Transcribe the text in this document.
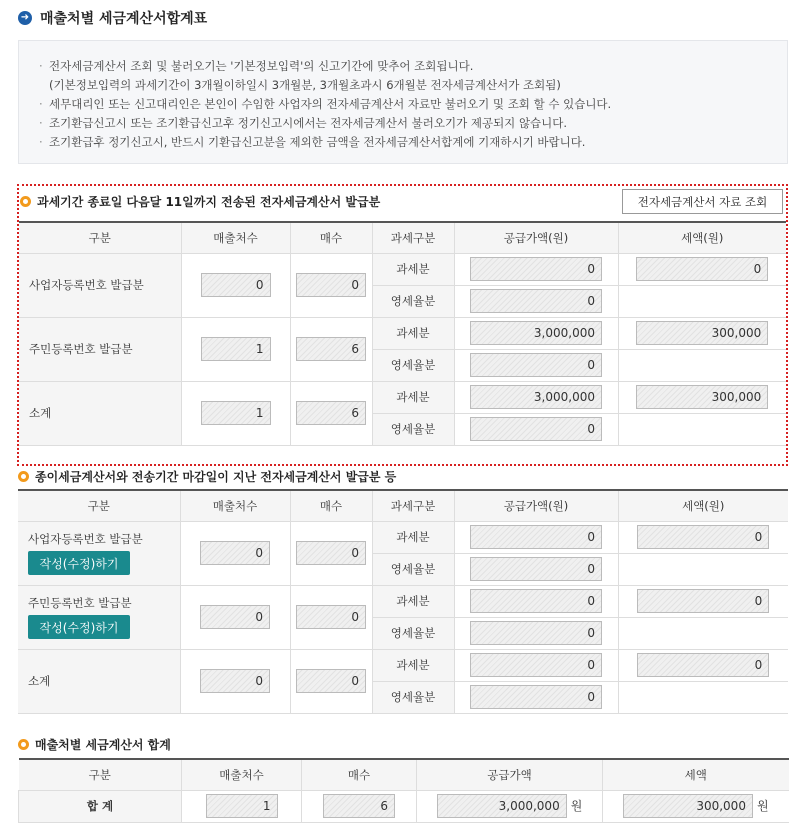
➜ 매출처별 세금계산서합계표
· 전자세금계산서 조회 및 불러오기는 '기본정보입력'의 신고기간에 맞추어 조회됩니다.
(기본정보입력의 과세기간이 3개월이하일시 3개월분, 3개월초과시 6개월분 전자세금계산서가 조회됨)
· 세무대리인 또는 신고대리인은 본인이 수임한 사업자의 전자세금계산서 자료만 불러오기 및 조회 할 수 있습니다.
· 조기환급신고시 또는 조기환급신고후 정기신고시에서는 전자세금계산서 불러오기가 제공되지 않습니다.
· 조기환급후 정기신고시, 반드시 기환급신고분을 제외한 금액을 전자세금계산서합계에 기재하시기 바랍니다.
과세기간 종료일 다음달 11일까지 전송된 전자세금계산서 발급분	전자세금계산서 자료 조회
구분	매출처수	매수	과세구분	공급가액(원)	세액(원)
사업자등록번호 발급분	0	0	과세분	0	0
			영세율분	0	
주민등록번호 발급분	1	6	과세분	3,000,000	300,000
			영세율분	0	
소계	1	6	과세분	3,000,000	300,000
			영세율분	0	
종이세금계산서와 전송기간 마감일이 지난 전자세금계산서 발급분 등
구분	매출처수	매수	과세구분	공급가액(원)	세액(원)

사업자등록번호 발급분
작성(수정)하기	0	0	과세분	0	0
			영세율분	0	

주민등록번호 발급분
작성(수정)하기	0	0	과세분	0	0
			영세율분	0	
소계	0	0	과세분	0	0
			영세율분	0	
매출처별 세금계산서 합계
구분	매출처수	매수	공급가액	세액
합 계	1	6	3,000,000 원	300,000 원
